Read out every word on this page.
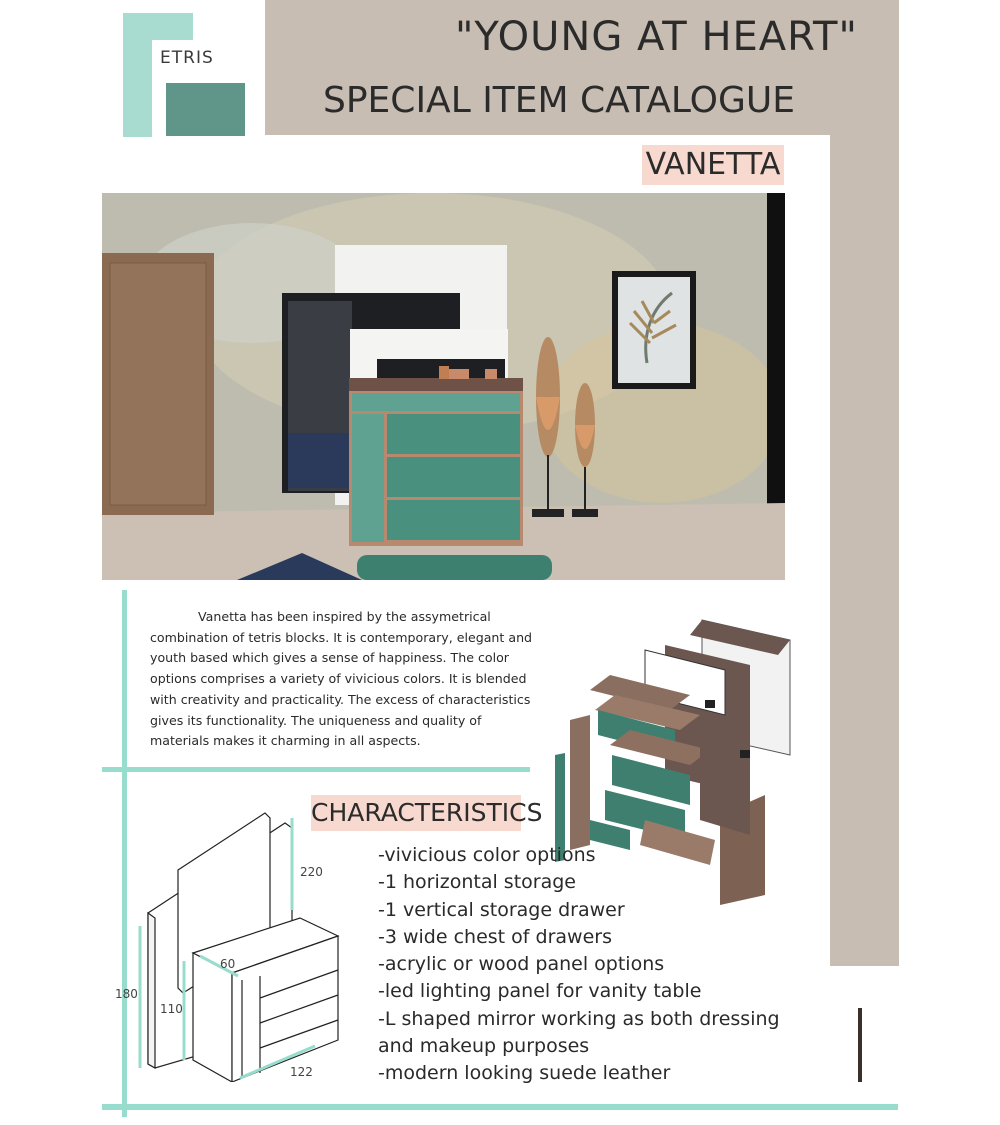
ETRIS	"YOUNG AT HEART"
SPECIAL ITEM CATALOGUE
VANETTA

Vanetta has been inspired by the assymetrical combination of tetris blocks. It is contemporary, elegant and youth based which gives a sense of happiness. The color options comprises a variety of vivicious colors. It is blended with creativity and practicality. The excess of characteristics gives its functionality. The uniqueness and quality of materials makes it charming in all aspects.

CHARACTERISTICS
-vivicious color options
-1 horizontal storage
-1 vertical storage drawer
-3 wide chest of drawers
-acrylic or wood panel options
-led lighting panel for vanity table
-L shaped mirror working as both dressing and makeup purposes
-modern looking suede leather
220
180
110
60
122
